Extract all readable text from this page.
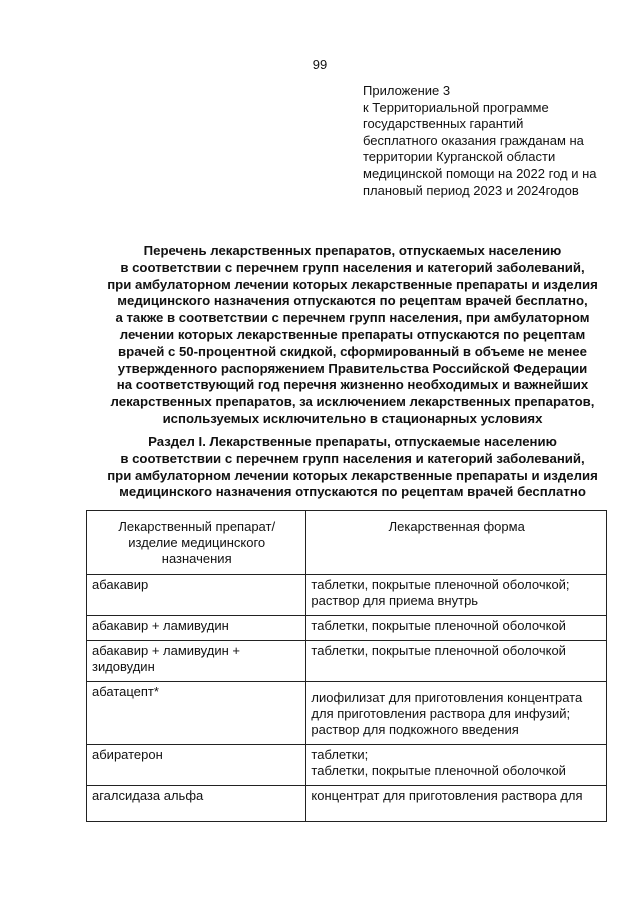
99
Приложение 3
к Территориальной программе
государственных гарантий
бесплатного оказания гражданам на
территории Курганской области
медицинской помощи на 2022 год и на
плановый период 2023 и 2024годов
Перечень лекарственных препаратов, отпускаемых населению
в соответствии с перечнем групп населения и категорий заболеваний,
при амбулаторном лечении которых лекарственные препараты и изделия
медицинского назначения отпускаются по рецептам врачей бесплатно,
а также в соответствии с перечнем групп населения, при амбулаторном
лечении которых лекарственные препараты отпускаются по рецептам
врачей с 50-процентной скидкой, сформированный в объеме не менее
утвержденного распоряжением Правительства Российской Федерации
на соответствующий год перечня жизненно необходимых и важнейших
лекарственных препаратов, за исключением лекарственных препаратов,
используемых исключительно в стационарных условиях
Раздел I. Лекарственные препараты, отпускаемые населению
в соответствии с перечнем групп населения и категорий заболеваний,
при амбулаторном лечении которых лекарственные препараты и изделия
медицинского назначения отпускаются по рецептам врачей бесплатно
Лекарственный препарат/
изделие медицинского
назначения	Лекарственная форма

абакавир	таблетки, покрытые пленочной оболочкой;
раствор для приема внутрь

абакавир + ламивудин	таблетки, покрытые пленочной оболочкой

абакавир + ламивудин +
зидовудин	таблетки, покрытые пленочной оболочкой

абатацепт*	лиофилизат для приготовления концентрата
для приготовления раствора для инфузий;
раствор для подкожного введения

абиратерон	таблетки;
таблетки, покрытые пленочной оболочкой

агалсидаза альфа	концентрат для приготовления раствора для
